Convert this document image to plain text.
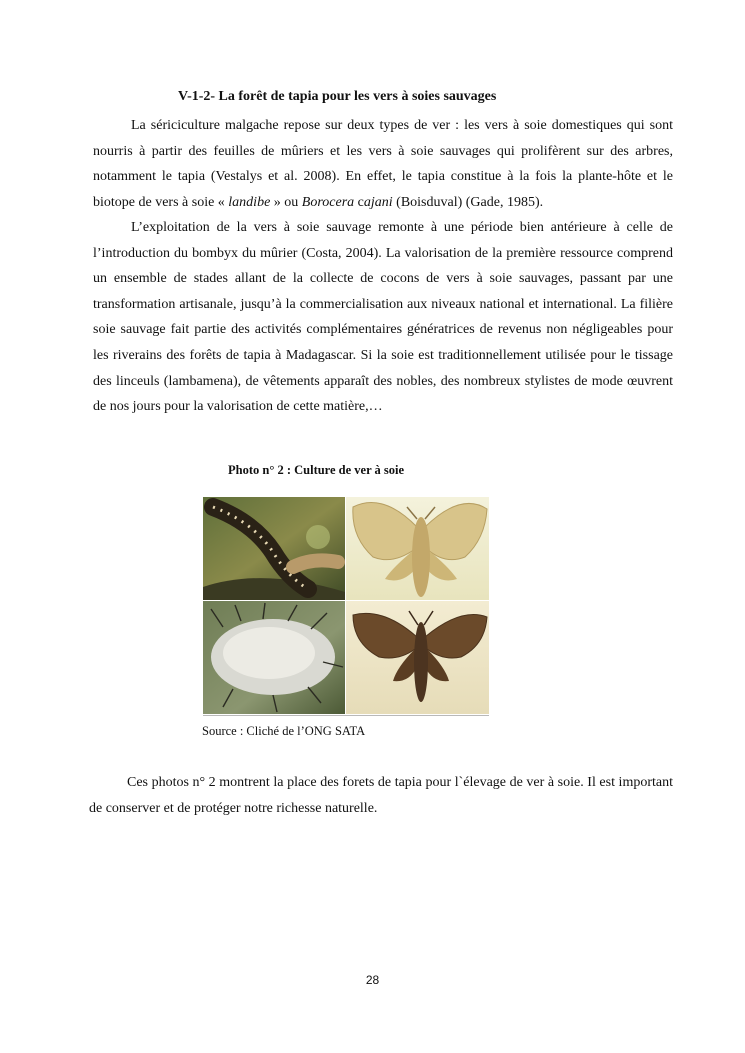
V-1-2- La forêt de tapia pour les vers à soies sauvages

La sériciculture malgache repose sur deux types de ver : les vers à soie domestiques qui sont nourris à partir des feuilles de mûriers et les vers à soie sauvages qui prolifèrent sur des arbres, notamment le tapia (Vestalys et al. 2008). En effet, le tapia constitue à la fois la plante-hôte et le biotope de vers à soie « landibe » ou Borocera cajani (Boisduval) (Gade, 1985).

L’exploitation de la vers à soie sauvage remonte à une période bien antérieure à celle de l’introduction du bombyx du mûrier (Costa, 2004). La valorisation de la première ressource comprend un ensemble de stades allant de la collecte de cocons de vers à soie sauvages, passant par une transformation artisanale, jusqu’à la commercialisation aux niveaux national et international. La filière soie sauvage fait partie des activités complémentaires génératrices de revenus non négligeables pour les riverains des forêts de tapia à Madagascar. Si la soie est traditionnellement utilisée pour le tissage des linceuls (lambamena), de vêtements apparaît des nobles, des nombreux stylistes de mode œuvrent de nos jours pour la valorisation de cette matière,…

Photo n° 2 : Culture de ver à soie
Source : Cliché de l’ONG SATA

Ces photos n° 2 montrent la place des forets de tapia pour l`élevage de ver à soie. Il est important de conserver et de protéger notre richesse naturelle.

28
